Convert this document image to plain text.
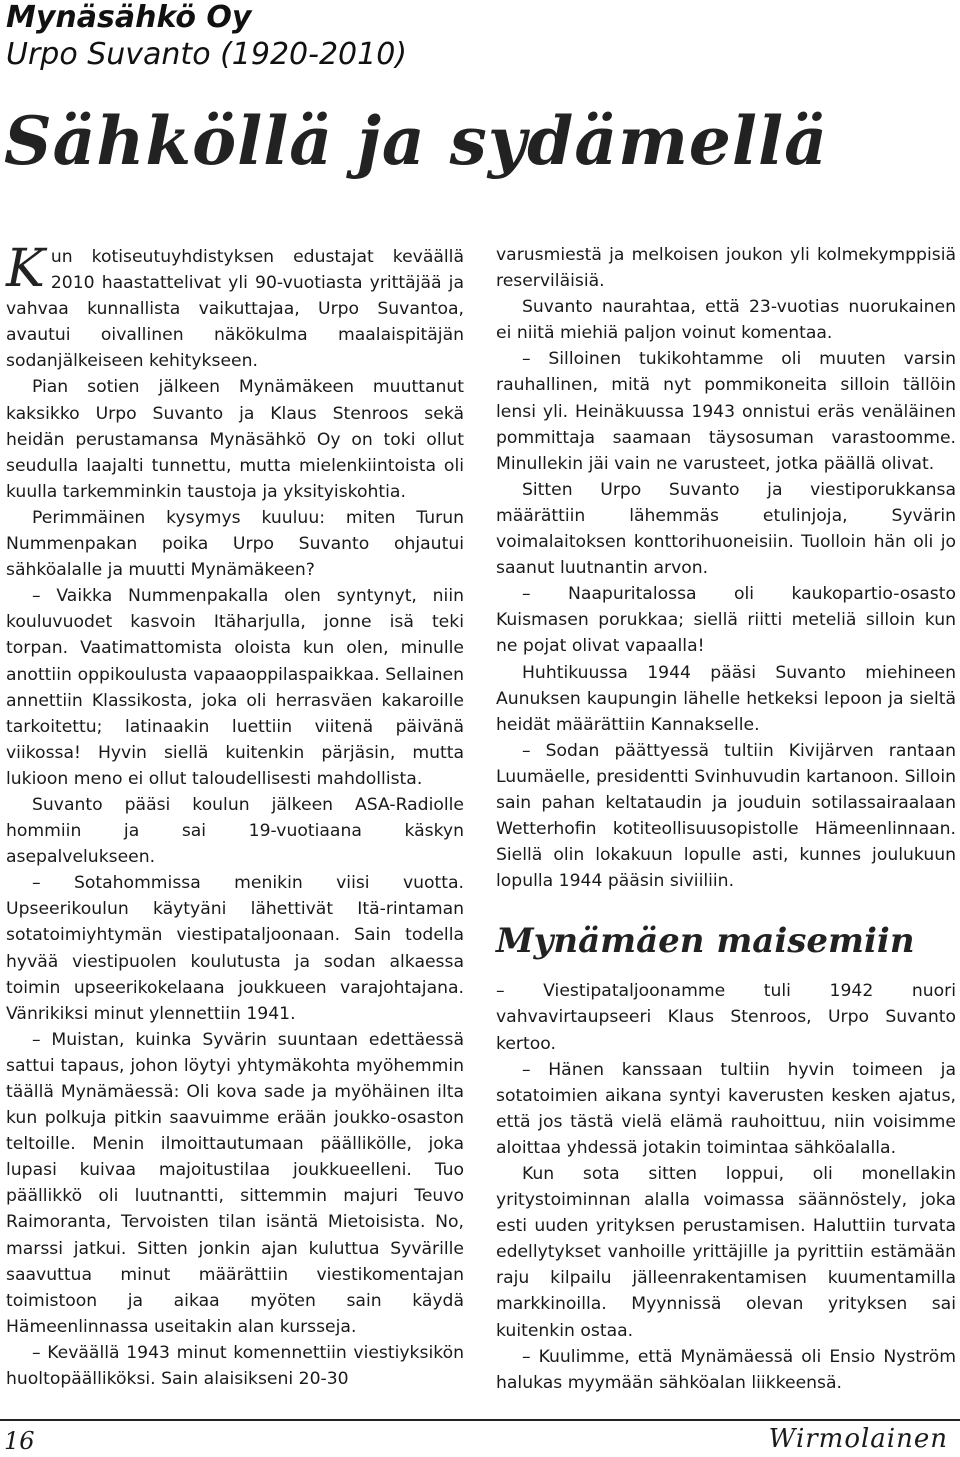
Mynäsähkö Oy

Urpo Suvanto (1920-2010)

Sähköllä ja sydämellä

Kun kotiseutuyhdistyksen edustajat keväällä 2010 haastattelivat yli 90-vuotiasta yrittäjää ja vahvaa kunnallista vaikuttajaa, Urpo Suvantoa, avautui oivallinen näkökulma maalaispitäjän sodanjälkeiseen kehitykseen.

Pian sotien jälkeen Mynämäkeen muuttanut kaksikko Urpo Suvanto ja Klaus Stenroos sekä heidän perustamansa Mynäsähkö Oy on toki ollut seudulla laajalti tunnettu, mutta mielenkiintoista oli kuulla tarkemminkin taustoja ja yksityiskohtia.

Perimmäinen kysymys kuuluu: miten Turun Nummenpakan poika Urpo Suvanto ohjautui sähköalalle ja muutti Mynämäkeen?

– Vaikka Nummenpakalla olen syntynyt, niin kouluvuodet kasvoin Itäharjulla, jonne isä teki torpan. Vaatimattomista oloista kun olen, minulle anottiin oppikoulusta vapaaoppilaspaikkaa. Sellainen annettiin Klassikosta, joka oli herrasväen kakaroille tarkoitettu; latinaakin luettiin viitenä päivänä viikossa! Hyvin siellä kuitenkin pärjäsin, mutta lukioon meno ei ollut taloudellisesti mahdollista.

Suvanto pääsi koulun jälkeen ASA-Radiolle hommiin ja sai 19-vuotiaana käskyn asepalvelukseen.

– Sotahommissa menikin viisi vuotta. Upseerikoulun käytyäni lähettivät Itä-rintaman sotatoimiyhtymän viestipataljoonaan. Sain todella hyvää viestipuolen koulutusta ja sodan alkaessa toimin upseerikokelaana joukkueen varajohtajana. Vänrikiksi minut ylennettiin 1941.

– Muistan, kuinka Syvärin suuntaan edettäessä sattui tapaus, johon löytyi yhtymäkohta myöhemmin täällä Mynämäessä: Oli kova sade ja myöhäinen ilta kun polkuja pitkin saavuimme erään joukko-osaston teltoille. Menin ilmoittautumaan päällikölle, joka lupasi kuivaa majoitustilaa joukkueelleni. Tuo päällikkö oli luutnantti, sittemmin majuri Teuvo Raimoranta, Tervoisten tilan isäntä Mietoisista. No, marssi jatkui. Sitten jonkin ajan kuluttua Syvärille saavuttua minut määrättiin viestikomentajan toimistoon ja aikaa myöten sain käydä Hämeenlinnassa useitakin alan kursseja.

– Keväällä 1943 minut komennettiin viestiyksikön huoltopäälliköksi. Sain alaisikseni 20-30

varusmiestä ja melkoisen joukon yli kolmekymppisiä reserviläisiä.

Suvanto naurahtaa, että 23-vuotias nuorukainen ei niitä miehiä paljon voinut komentaa.

– Silloinen tukikohtamme oli muuten varsin rauhallinen, mitä nyt pommikoneita silloin tällöin lensi yli. Heinäkuussa 1943 onnistui eräs venäläinen pommittaja saamaan täysosuman varastoomme. Minullekin jäi vain ne varusteet, jotka päällä olivat.

Sitten Urpo Suvanto ja viestiporukkansa määrättiin lähemmäs etulinjoja, Syvärin voimalaitoksen konttorihuoneisiin. Tuolloin hän oli jo saanut luutnantin arvon.

– Naapuritalossa oli kaukopartio-osasto Kuismasen porukkaa; siellä riitti meteliä silloin kun ne pojat olivat vapaalla!

Huhtikuussa 1944 pääsi Suvanto miehineen Aunuksen kaupungin lähelle hetkeksi lepoon ja sieltä heidät määrättiin Kannakselle.

– Sodan päättyessä tultiin Kivijärven rantaan Luumäelle, presidentti Svinhuvudin kartanoon. Silloin sain pahan keltataudin ja jouduin sotilassairaalaan Wetterhofin kotiteollisuusopistolle Hämeenlinnaan. Siellä olin lokakuun lopulle asti, kunnes joulukuun lopulla 1944 pääsin siviiliin.

Mynämäen maisemiin

– Viestipataljoonamme tuli 1942 nuori vahvavirtaupseeri Klaus Stenroos, Urpo Suvanto kertoo.

– Hänen kanssaan tultiin hyvin toimeen ja sotatoimien aikana syntyi kaverusten kesken ajatus, että jos tästä vielä elämä rauhoittuu, niin voisimme aloittaa yhdessä jotakin toimintaa sähköalalla.

Kun sota sitten loppui, oli monellakin yritystoiminnan alalla voimassa säännöstely, joka esti uuden yrityksen perustamisen. Haluttiin turvata edellytykset vanhoille yrittäjille ja pyrittiin estämään raju kilpailu jälleenrakentamisen kuumentamilla markkinoilla. Myynnissä olevan yrityksen sai kuitenkin ostaa.

– Kuulimme, että Mynämäessä oli Ensio Nyström halukas myymään sähköalan liikkeensä.

16	Wirmolainen
